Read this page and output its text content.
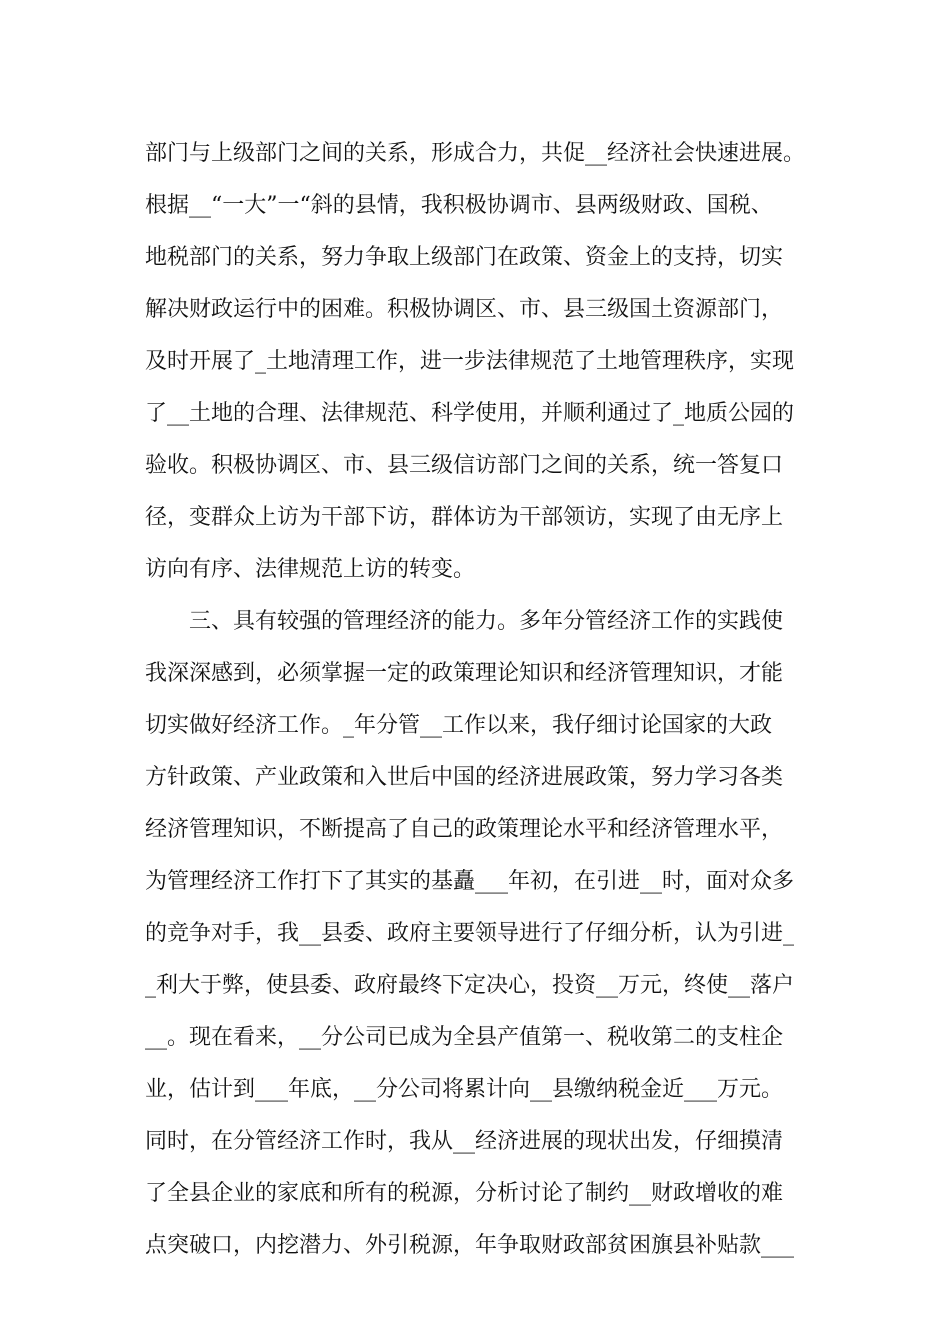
部门与上级部门之间的关系，形成合力，共促__经济社会快速进展。
根据__“一大”一“斜的县情，我积极协调市、县两级财政、国税、
地税部门的关系，努力争取上级部门在政策、资金上的支持，切实
解决财政运行中的困难。积极协调区、市、县三级国土资源部门，
及时开展了_土地清理工作，进一步法律规范了土地管理秩序，实现
了__土地的合理、法律规范、科学使用，并顺利通过了_地质公园的
验收。积极协调区、市、县三级信访部门之间的关系，统一答复口
径，变群众上访为干部下访，群体访为干部领访，实现了由无序上
访向有序、法律规范上访的转变。
三、具有较强的管理经济的能力。多年分管经济工作的实践使
我深深感到，必须掌握一定的政策理论知识和经济管理知识，才能
切实做好经济工作。_年分管__工作以来，我仔细讨论国家的大政
方针政策、产业政策和入世后中国的经济进展政策，努力学习各类
经济管理知识，不断提高了自己的政策理论水平和经济管理水平，
为管理经济工作打下了其实的基矗___年初，在引进__时，面对众多
的竞争对手，我__县委、政府主要领导进行了仔细分析，认为引进_
_利大于弊，使县委、政府最终下定决心，投资__万元，终使__落户
__。现在看来，__分公司已成为全县产值第一、税收第二的支柱企
业，估计到___年底，__分公司将累计向__县缴纳税金近___万元。
同时，在分管经济工作时，我从__经济进展的现状出发，仔细摸清
了全县企业的家底和所有的税源，分析讨论了制约__财政增收的难
点突破口，内挖潜力、外引税源，年争取财政部贫困旗县补贴款___
